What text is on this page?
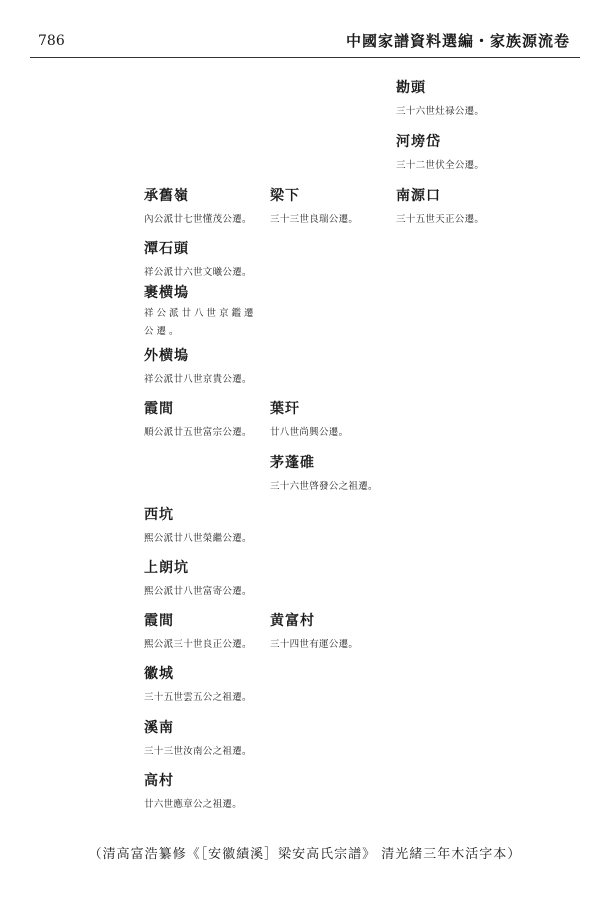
786	中國家譜資料選編・家族源流卷
勘頭
三十六世灶禄公遷。
河塝岱
三十二世伏全公遷。
承舊嶺
內公派廿七世懂茂公遷。
梁下
三十三世良瑞公遷。
南源口
三十五世天正公遷。
潭石頭
祥公派廿六世文曦公遷。
裹横塢
祥公派廿八世京鑑遷公遷。
外横塢
祥公派廿八世京貴公遷。
霞間
順公派廿五世富宗公遷。
葉玕
廿八世尚興公遷。
茅蓬碓
三十六世啓發公之祖遷。
西坑
熙公派廿八世榮繼公遷。
上朗坑
熙公派廿八世富寄公遷。
霞間
熙公派三十世良正公遷。
黄富村
三十四世有運公遷。
徽城
三十五世雲五公之祖遷。
溪南
三十三世汝南公之祖遷。
高村
廿六世應章公之祖遷。
（清高富浩纂修《［安徽績溪］梁安高氏宗譜》 清光緒三年木活字本）
